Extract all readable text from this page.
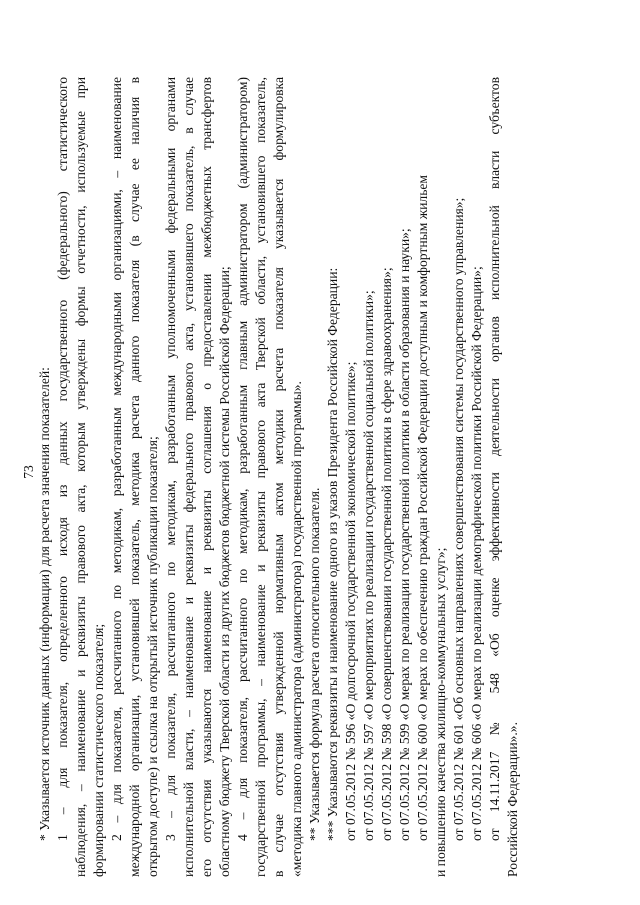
73 * Указывается источник данных (информации) для расчета значения показателей: 1 – для показателя, определенного исходя из данных государственного (федерального) статистического наблюдения, – наименование и реквизиты правового акта, которым утверждены формы отчетности, используемые при формировании статистического показателя; 2 – для показателя, рассчитанного по методикам, разработанным международными организациями, – наименование международной организации, установившей показатель, методика расчета данного показателя (в случае ее наличия в открытом доступе) и ссылка на открытый источник публикации показателя; 3 – для показателя, рассчитанного по методикам, разработанным уполномоченными федеральными органами исполнительной власти, – наименование и реквизиты федерального правового акта, установившего показатель, в случае его отсутствия указываются наименование и реквизиты соглашения о предоставлении межбюджетных трансфертов областному бюджету Тверской области из других бюджетов бюджетной системы Российской Федерации; 4 – для показателя, рассчитанного по методикам, разработанным главным администратором (администратором) государственной программы, – наименование и реквизиты правового акта Тверской области, установившего показатель, в случае отсутствия утвержденной нормативным актом методики расчета показателя указывается формулировка «методика главного администратора (администратора) государственной программы». ** Указывается формула расчета относительного показателя. *** Указываются реквизиты и наименование одного из указов Президента Российской Федерации: от 07.05.2012 № 596 «О долгосрочной государственной экономической политике»; от 07.05.2012 № 597 «О мероприятиях по реализации государственной социальной политики»; от 07.05.2012 № 598 «О совершенствовании государственной политики в сфере здравоохранения»; от 07.05.2012 № 599 «О мерах по реализации государственной политики в области образования и науки»; от 07.05.2012 № 600 «О мерах по обеспечению граждан Российской Федерации доступным и комфортным жильем и повышению качества жилищно-коммунальных услуг»; от 07.05.2012 № 601 «Об основных направлениях совершенствования системы государственного управления»; от 07.05.2012 № 606 «О мерах по реализации демографической политики Российской Федерации»; от 14.11.2017 № 548 «Об оценке эффективности деятельности органов исполнительной власти субъектов Российской Федерации».».
